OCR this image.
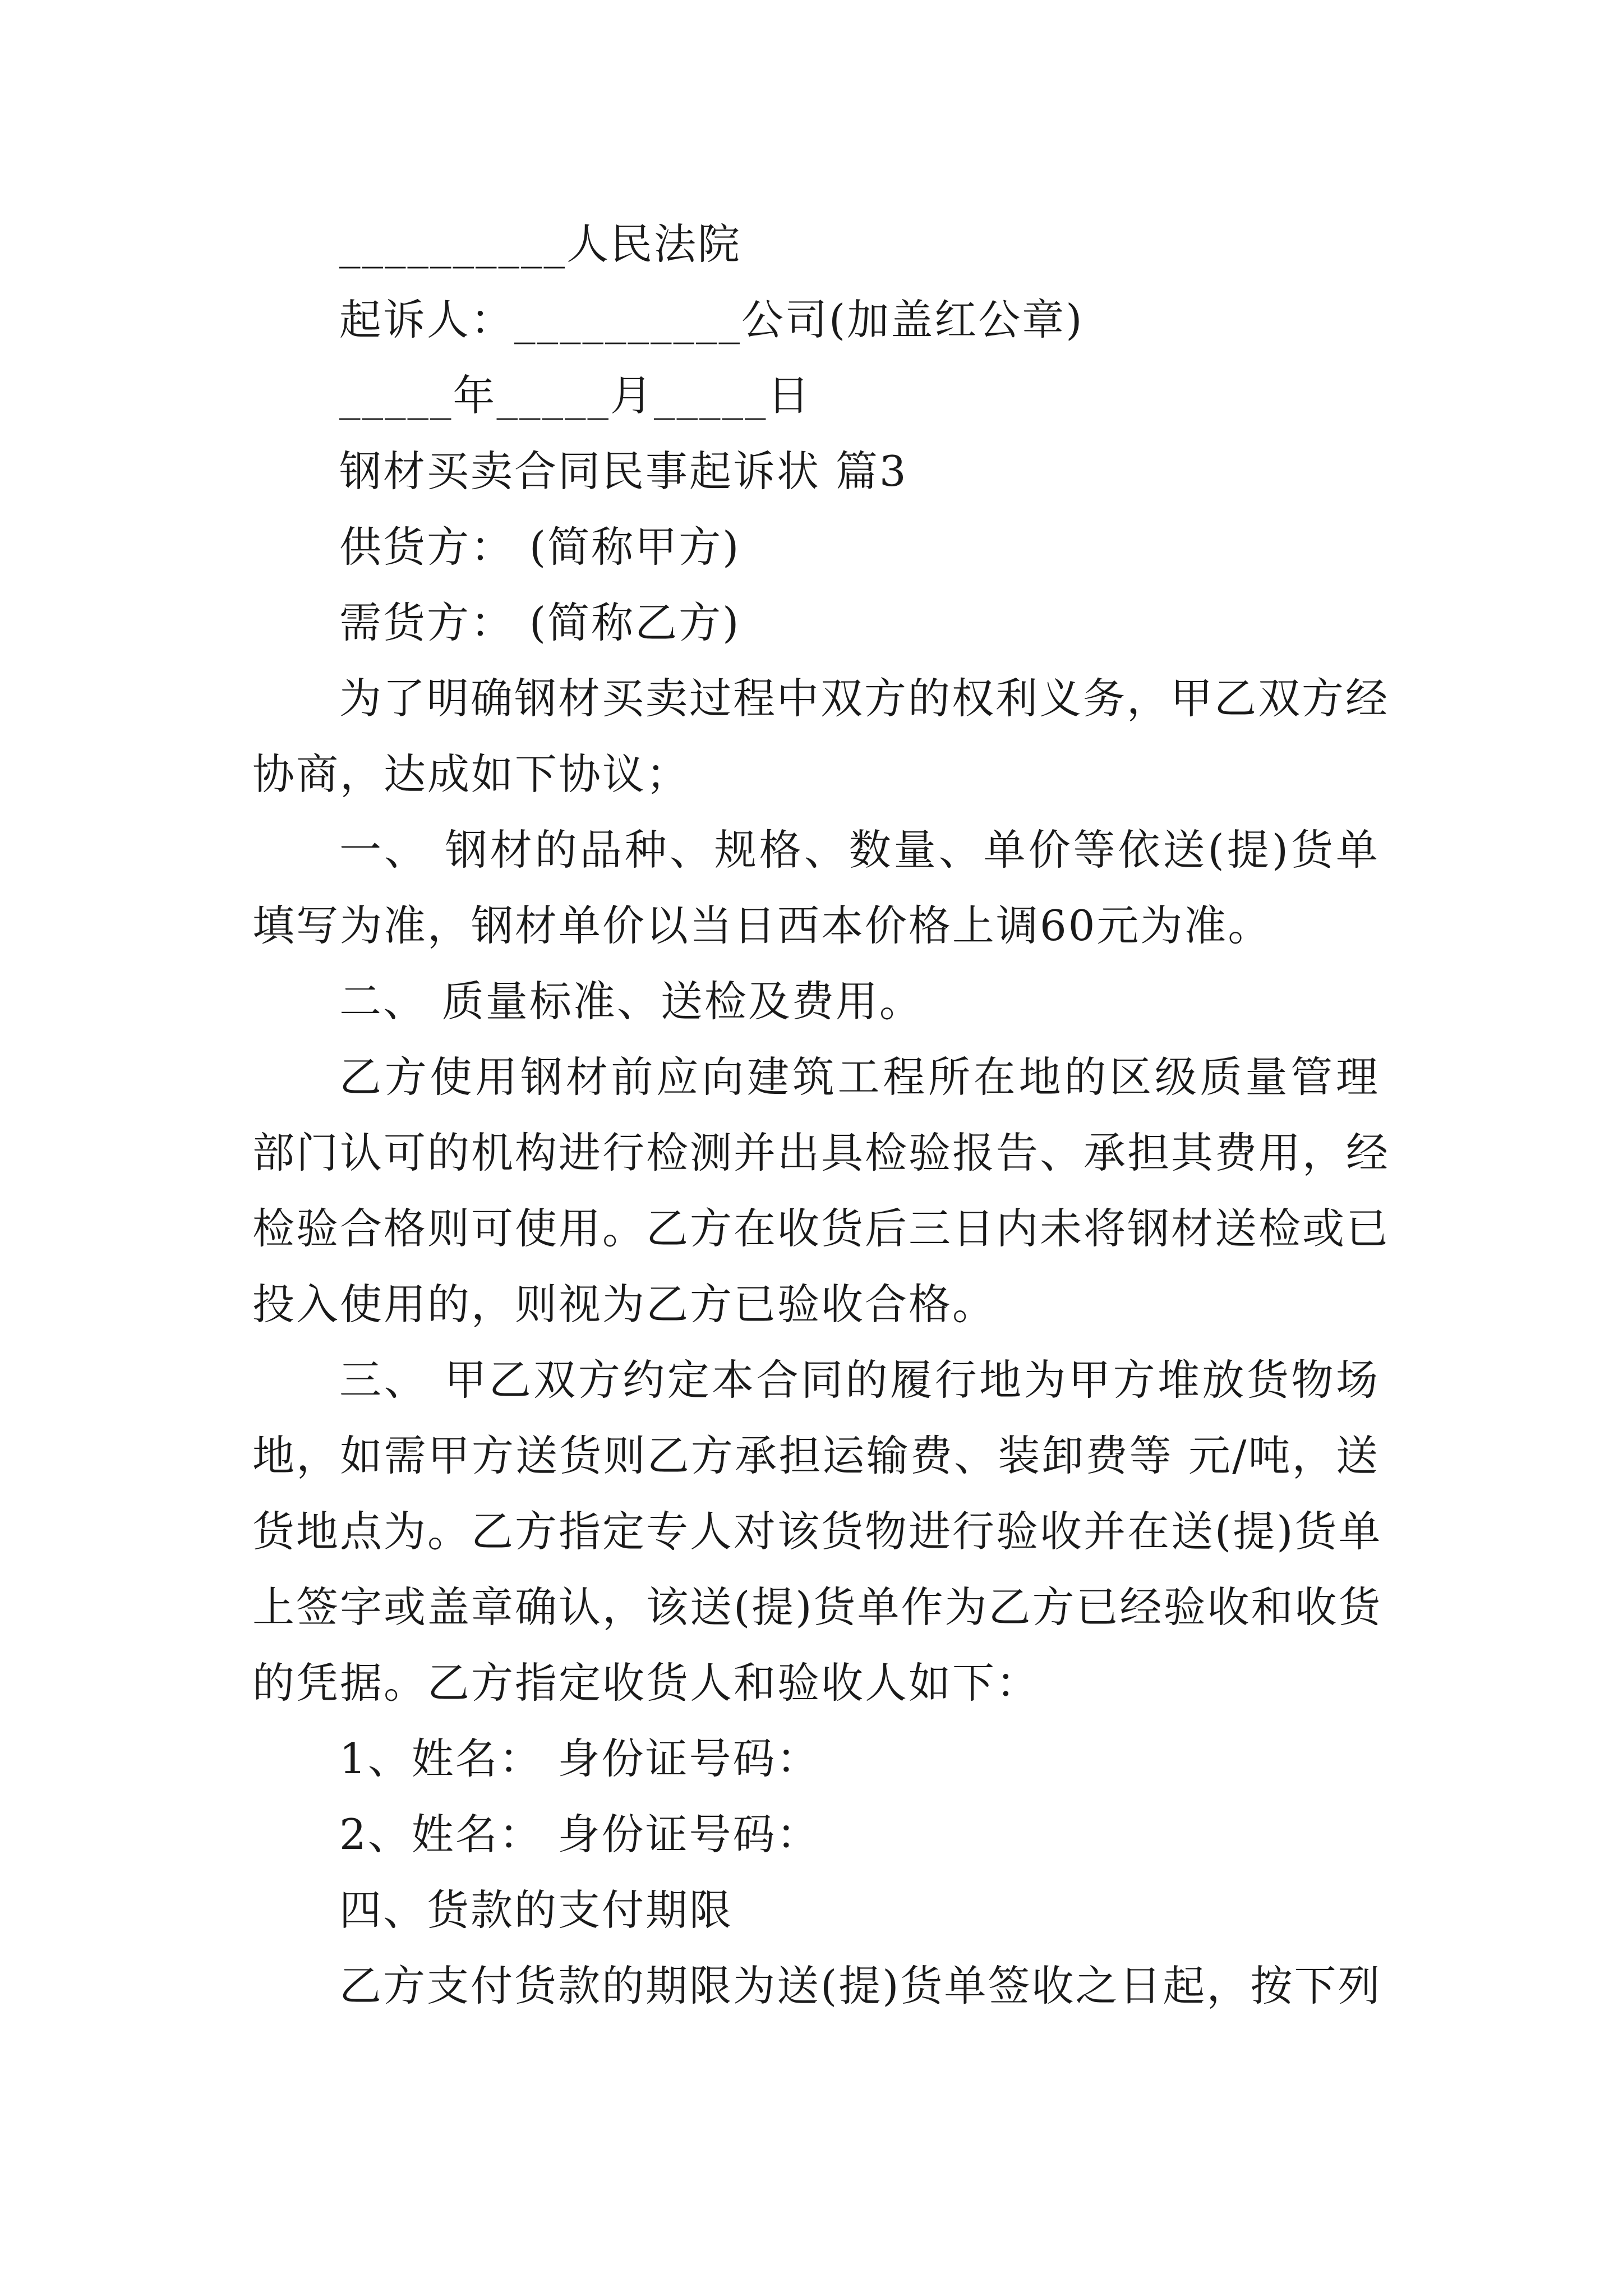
__________人民法院
起诉人：__________公司(加盖红公章)
_____年_____月_____日
钢材买卖合同民事起诉状 篇3
供货方： (简称甲方)
需货方： (简称乙方)
为了明确钢材买卖过程中双方的权利义务，甲乙双方经
协商，达成如下协议；
一、 钢材的品种、规格、数量、单价等依送(提)货单
填写为准，钢材单价以当日西本价格上调60元为准。
二、 质量标准、送检及费用。
乙方使用钢材前应向建筑工程所在地的区级质量管理
部门认可的机构进行检测并出具检验报告、承担其费用，经
检验合格则可使用。乙方在收货后三日内未将钢材送检或已
投入使用的，则视为乙方已验收合格。
三、 甲乙双方约定本合同的履行地为甲方堆放货物场
地，如需甲方送货则乙方承担运输费、装卸费等 元/吨，送
货地点为。乙方指定专人对该货物进行验收并在送(提)货单
上签字或盖章确认，该送(提)货单作为乙方已经验收和收货
的凭据。乙方指定收货人和验收人如下：
1、姓名： 身份证号码：
2、姓名： 身份证号码：
四、货款的支付期限
乙方支付货款的期限为送(提)货单签收之日起，按下列
